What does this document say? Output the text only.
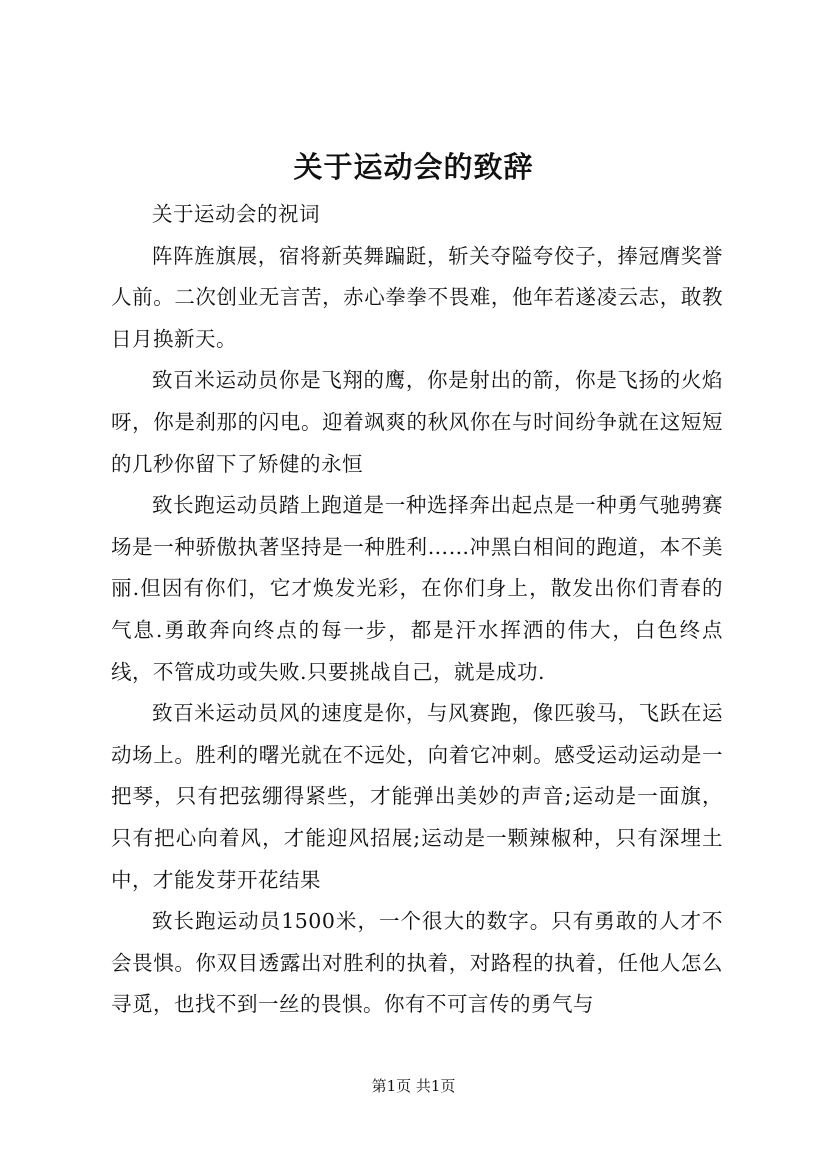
关于运动会的致辞

关于运动会的祝词

阵阵旌旗展，宿将新英舞蹁跹，斩关夺隘夸佼子，捧冠膺奖誉人前。二次创业无言苦，赤心拳拳不畏难，他年若遂凌云志，敢教日月换新天。

致百米运动员你是飞翔的鹰，你是射出的箭，你是飞扬的火焰呀，你是刹那的闪电。迎着飒爽的秋风你在与时间纷争就在这短短的几秒你留下了矫健的永恒

致长跑运动员踏上跑道是一种选择奔出起点是一种勇气驰骋赛场是一种骄傲执著坚持是一种胜利……冲黑白相间的跑道，本不美丽.但因有你们，它才焕发光彩，在你们身上，散发出你们青春的气息.勇敢奔向终点的每一步，都是汗水挥洒的伟大，白色终点线，不管成功或失败.只要挑战自己，就是成功.

致百米运动员风的速度是你，与风赛跑，像匹骏马，飞跃在运动场上。胜利的曙光就在不远处，向着它冲刺。感受运动运动是一把琴，只有把弦绷得紧些，才能弹出美妙的声音;运动是一面旗，只有把心向着风，才能迎风招展;运动是一颗辣椒种，只有深埋土中，才能发芽开花结果

致长跑运动员1500米，一个很大的数字。只有勇敢的人才不会畏惧。你双目透露出对胜利的执着，对路程的执着，任他人怎么寻觅，也找不到一丝的畏惧。你有不可言传的勇气与

第1页 共1页
